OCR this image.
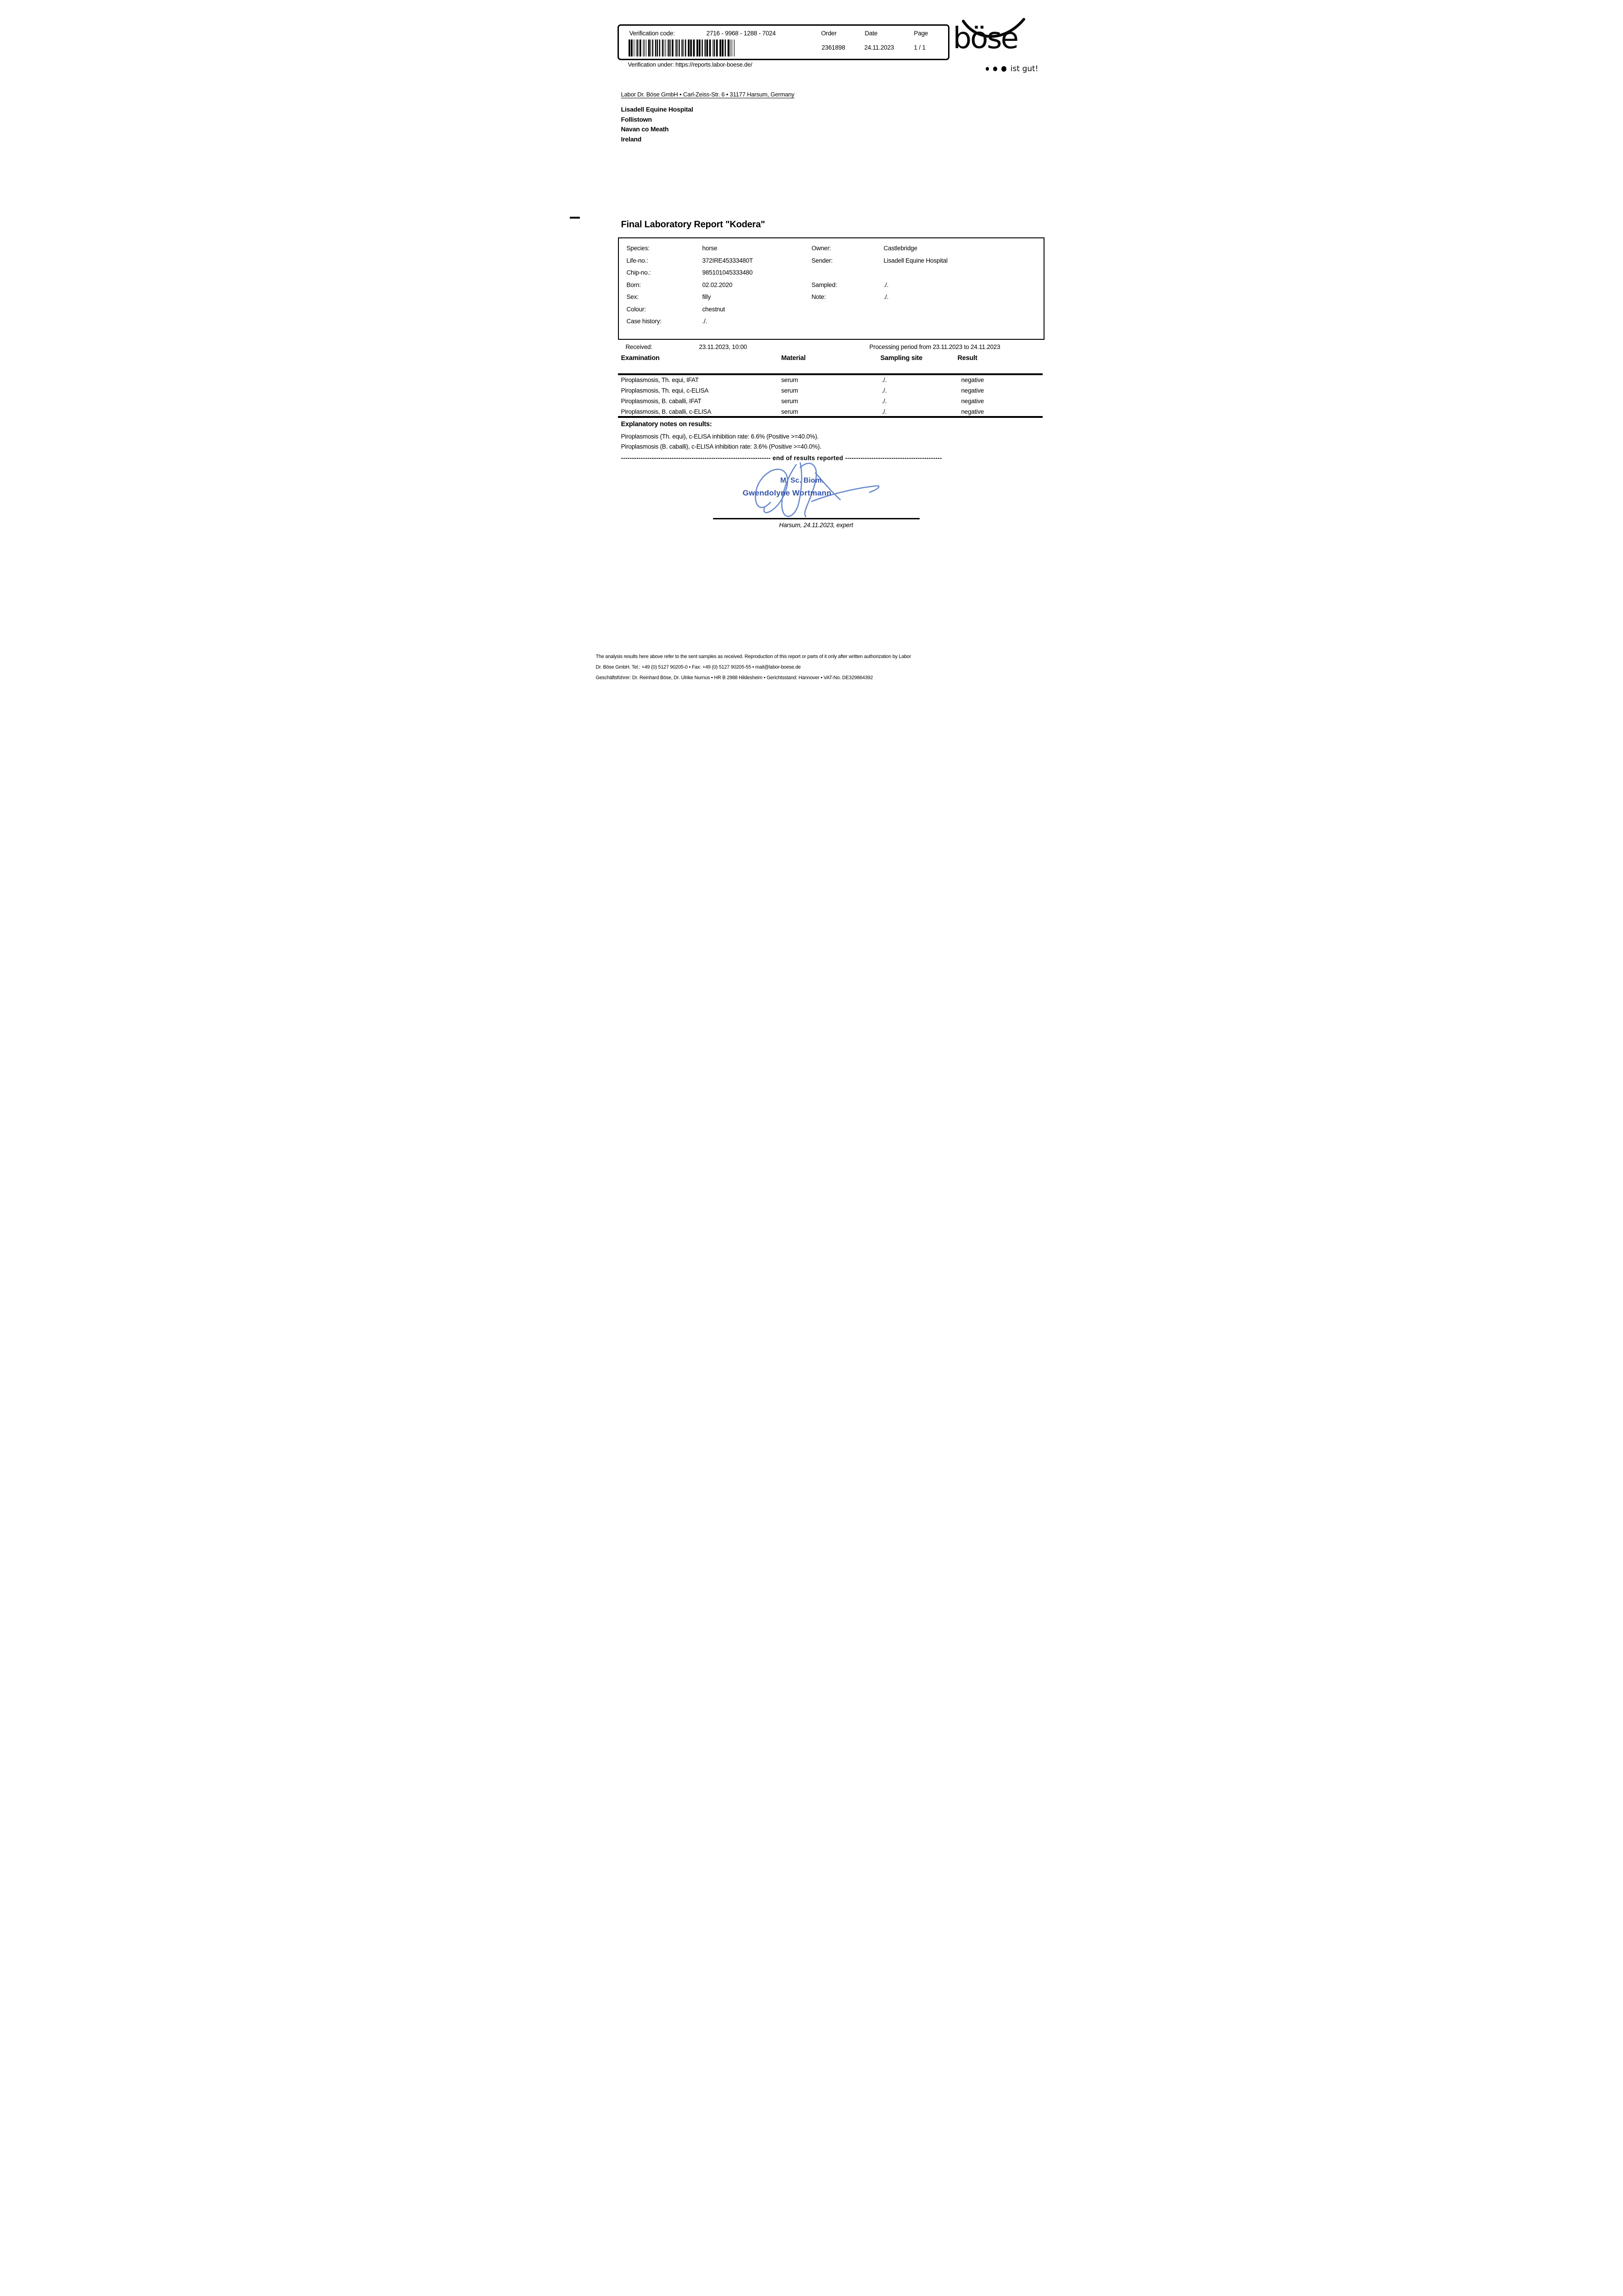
Verification code:	2716 - 9968 - 1288 - 7024	Order	Date	Page
2361898	24.11.2023	1 / 1
Verification under: https://reports.labor-boese.de/
böse
ist gut!
Labor Dr. Böse GmbH • Carl-Zeiss-Str. 6 • 31177 Harsum, Germany
Lisadell Equine Hospital
Follistown
Navan co Meath
Ireland
Final Laboratory Report "Kodera"
Species:	horse	Owner:	Castlebridge
Life-no.:	372IRE45333480T	Sender:	Lisadell Equine Hospital
Chip-no.:	985101045333480
Born:	02.02.2020	Sampled:	./.
Sex:	filly	Note:	./.
Colour:	chestnut
Case history:	./.
Received:	23.11.2023, 10:00	Processing period from 23.11.2023 to 24.11.2023
Examination	Material	Sampling site	Result
Piroplasmosis, Th. equi, IFAT	serum	./.	negative
Piroplasmosis, Th. equi, c-ELISA	serum	./.	negative
Piroplasmosis, B. caballi, IFAT	serum	./.	negative
Piroplasmosis, B. caballi, c-ELISA	serum	./.	negative
Explanatory notes on results:
Piroplasmosis (Th. equi), c-ELISA inhibition rate: 6.6% (Positive >=40.0%).
Piroplasmosis (B. caballi), c-ELISA inhibition rate: 3.6% (Positive >=40.0%).
-------------------------------------------------------------------- end of results reported --------------------------------------------
M. Sc. Biom.
Gwendolyne Wortmann
Harsum, 24.11.2023, expert
The analysis results here above refer to the sent samples as received. Reproduction of this report or parts of it only after written authorization by Labor
Dr. Böse GmbH. Tel.: +49 (0) 5127 90205-0 • Fax: +49 (0) 5127 90205-55 • mail@labor-boese.de
Geschäftsführer: Dr. Reinhard Böse, Dr. Ulrike Nurnus • HR B 2988 Hildesheim • Gerichtsstand: Hannover • VAT-No. DE329864392
